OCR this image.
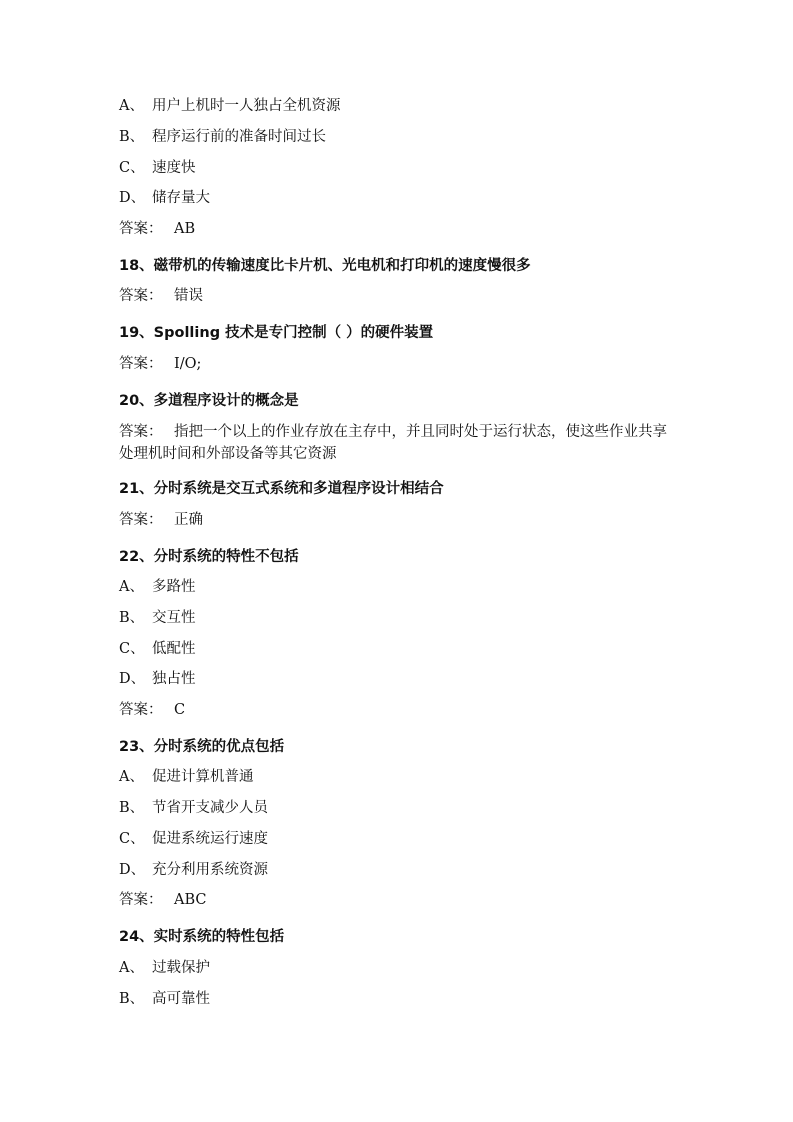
A、 用户上机时一人独占全机资源
B、 程序运行前的准备时间过长
C、 速度快
D、 储存量大
答案： AB
18、磁带机的传输速度比卡片机、光电机和打印机的速度慢很多
答案： 错误
19、Spolling 技术是专门控制（ ）的硬件装置
答案： I/O;
20、多道程序设计的概念是
答案： 指把一个以上的作业存放在主存中，并且同时处于运行状态，使这些作业共享处理机时间和外部设备等其它资源
21、分时系统是交互式系统和多道程序设计相结合
答案： 正确
22、分时系统的特性不包括
A、 多路性
B、 交互性
C、 低配性
D、 独占性
答案： C
23、分时系统的优点包括
A、 促进计算机普通
B、 节省开支减少人员
C、 促进系统运行速度
D、 充分利用系统资源
答案： ABC
24、实时系统的特性包括
A、 过载保护
B、 高可靠性
